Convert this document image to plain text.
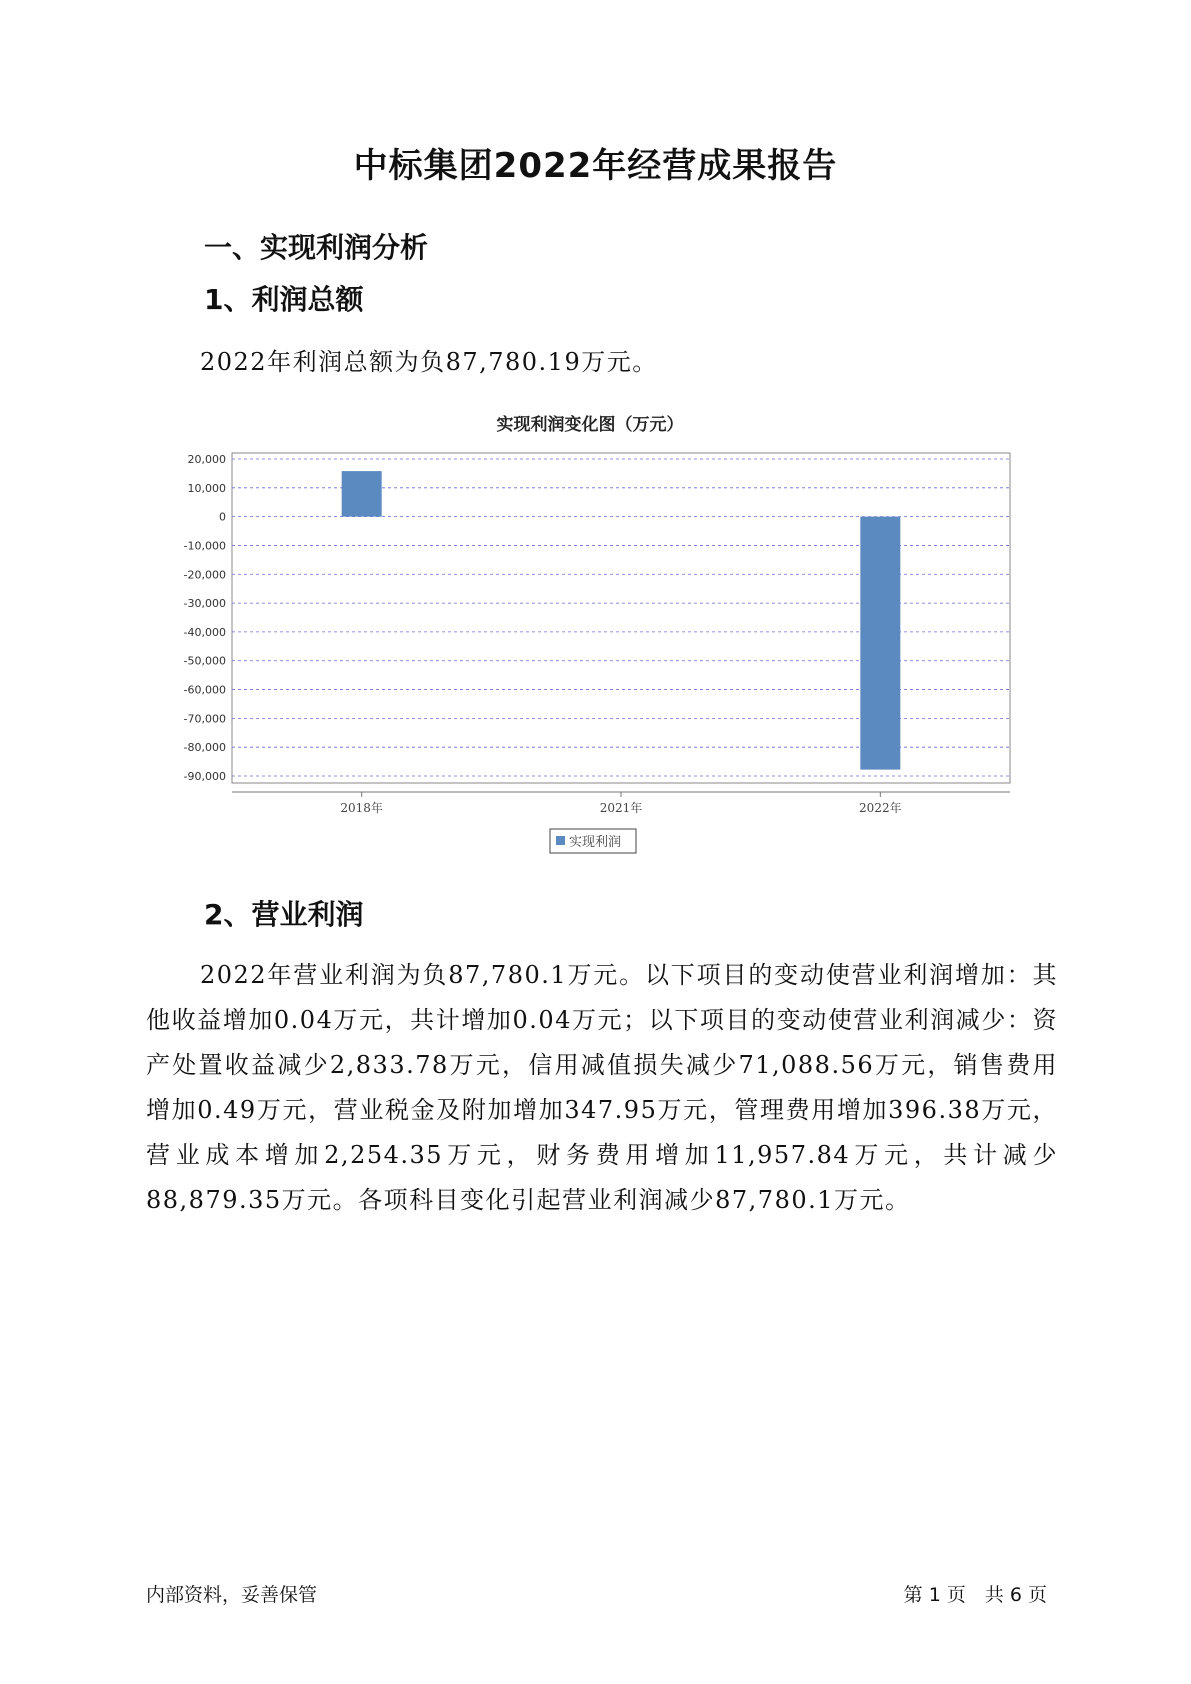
中标集团2022年经营成果报告
一、实现利润分析
1、利润总额

2022年利润总额为负87,780.19万元。

实现利润变化图（万元）
20,000
10,000
0
-10,000
-20,000
-30,000
-40,000
-50,000
-60,000
-70,000
-80,000
-90,000
2018年	2021年	2022年
实现利润
2、营业利润

2022年营业利润为负87,780.1万元。以下项目的变动使营业利润增加：其他收益增加0.04万元，共计增加0.04万元；以下项目的变动使营业利润减少：资产处置收益减少2,833.78万元，信用减值损失减少71,088.56万元，销售费用增加0.49万元，营业税金及附加增加347.95万元，管理费用增加396.38万元，营业成本增加2,254.35万元，财务费用增加11,957.84万元，共计减少88,879.35万元。各项科目变化引起营业利润减少87,780.1万元。

内部资料，妥善保管	第 1 页　共 6 页
